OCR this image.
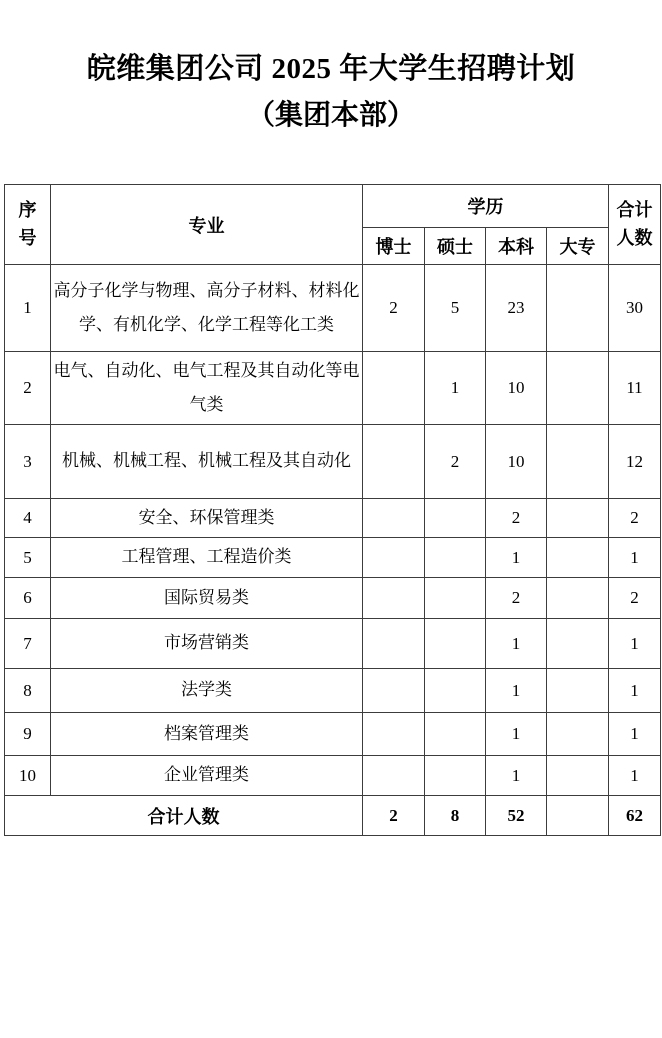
皖维集团公司 2025 年大学生招聘计划
（集团本部）
序号	专业	学历				合计人数
		博士	硕士	本科	大专	
1	高分子化学与物理、高分子材料、材料化学、有机化学、化学工程等化工类	2	5	23		30
2	电气、自动化、电气工程及其自动化等电气类		1	10		11
3	机械、机械工程、机械工程及其自动化		2	10		12
4	安全、环保管理类			2		2
5	工程管理、工程造价类			1		1
6	国际贸易类			2		2
7	市场营销类			1		1
8	法学类			1		1
9	档案管理类			1		1
10	企业管理类			1		1
合计人数		2	8	52		62
